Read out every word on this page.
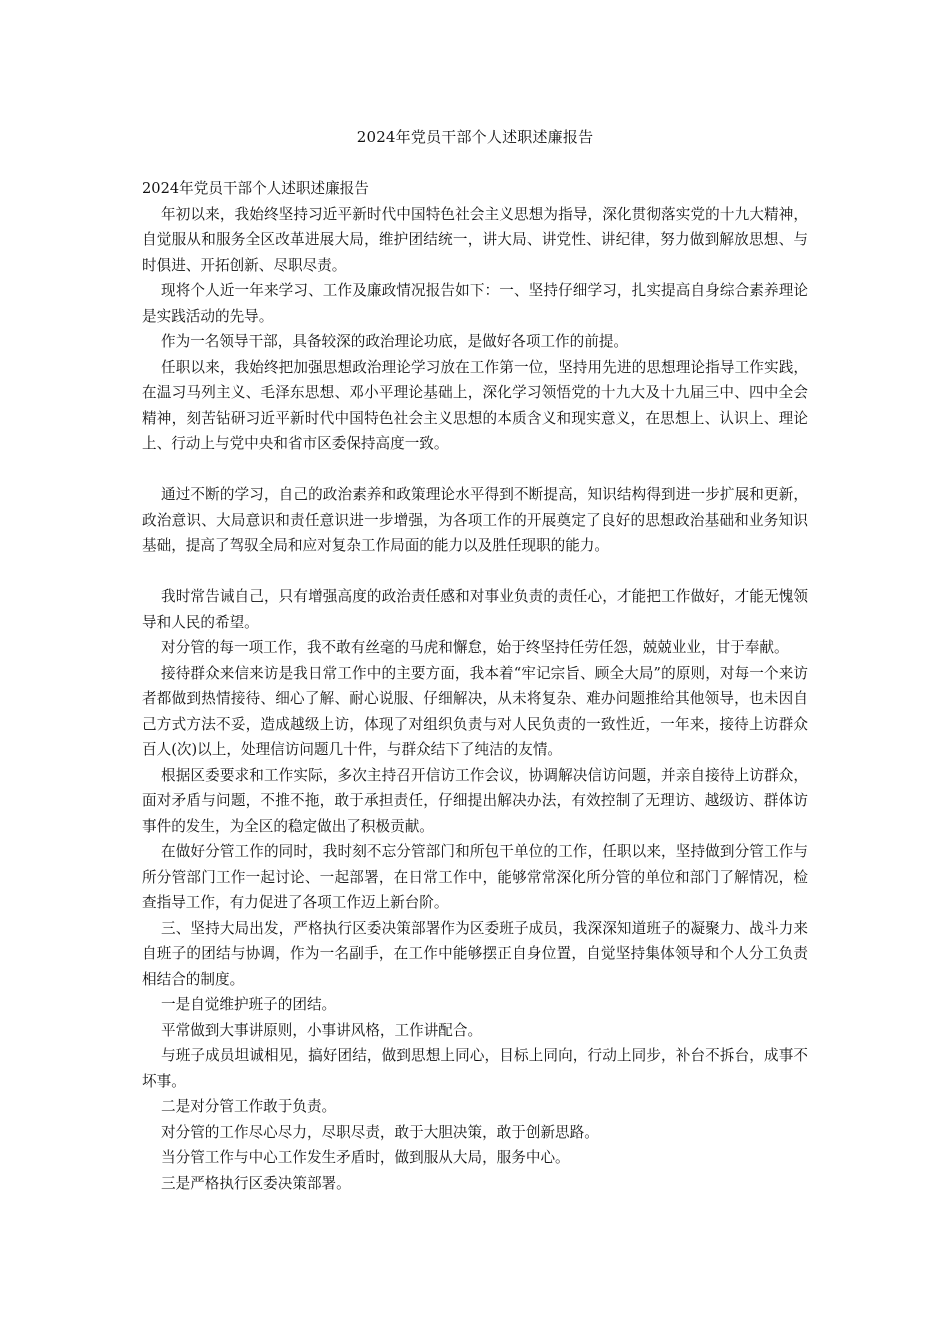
2024年党员干部个人述职述廉报告

2024年党员干部个人述职述廉报告

年初以来，我始终坚持习近平新时代中国特色社会主义思想为指导，深化贯彻落实党的十九大精神，自觉服从和服务全区改革进展大局，维护团结统一，讲大局、讲党性、讲纪律，努力做到解放思想、与时俱进、开拓创新、尽职尽责。

现将个人近一年来学习、工作及廉政情况报告如下：一、坚持仔细学习，扎实提高自身综合素养理论是实践活动的先导。

作为一名领导干部，具备较深的政治理论功底，是做好各项工作的前提。

任职以来，我始终把加强思想政治理论学习放在工作第一位，坚持用先进的思想理论指导工作实践，在温习马列主义、毛泽东思想、邓小平理论基础上，深化学习领悟党的十九大及十九届三中、四中全会精神，刻苦钻研习近平新时代中国特色社会主义思想的本质含义和现实意义，在思想上、认识上、理论上、行动上与党中央和省市区委保持高度一致。

通过不断的学习，自己的政治素养和政策理论水平得到不断提高，知识结构得到进一步扩展和更新，政治意识、大局意识和责任意识进一步增强，为各项工作的开展奠定了良好的思想政治基础和业务知识基础，提高了驾驭全局和应对复杂工作局面的能力以及胜任现职的能力。

我时常告诫自己，只有增强高度的政治责任感和对事业负责的责任心，才能把工作做好，才能无愧领导和人民的希望。

对分管的每一项工作，我不敢有丝毫的马虎和懈怠，始于终坚持任劳任怨，兢兢业业，甘于奉献。

接待群众来信来访是我日常工作中的主要方面，我本着“牢记宗旨、顾全大局”的原则，对每一个来访者都做到热情接待、细心了解、耐心说服、仔细解决，从未将复杂、难办问题推给其他领导，也未因自己方式方法不妥，造成越级上访，体现了对组织负责与对人民负责的一致性近，一年来，接待上访群众百人(次)以上，处理信访问题几十件，与群众结下了纯洁的友情。

根据区委要求和工作实际，多次主持召开信访工作会议，协调解决信访问题，并亲自接待上访群众，面对矛盾与问题，不推不拖，敢于承担责任，仔细提出解决办法，有效控制了无理访、越级访、群体访事件的发生，为全区的稳定做出了积极贡献。

在做好分管工作的同时，我时刻不忘分管部门和所包干单位的工作，任职以来，坚持做到分管工作与所分管部门工作一起讨论、一起部署，在日常工作中，能够常常深化所分管的单位和部门了解情况，检查指导工作，有力促进了各项工作迈上新台阶。

三、坚持大局出发，严格执行区委决策部署作为区委班子成员，我深深知道班子的凝聚力、战斗力来自班子的团结与协调，作为一名副手，在工作中能够摆正自身位置，自觉坚持集体领导和个人分工负责相结合的制度。

一是自觉维护班子的团结。

平常做到大事讲原则，小事讲风格，工作讲配合。

与班子成员坦诚相见，搞好团结，做到思想上同心，目标上同向，行动上同步，补台不拆台，成事不坏事。

二是对分管工作敢于负责。

对分管的工作尽心尽力，尽职尽责，敢于大胆决策，敢于创新思路。

当分管工作与中心工作发生矛盾时，做到服从大局，服务中心。

三是严格执行区委决策部署。
